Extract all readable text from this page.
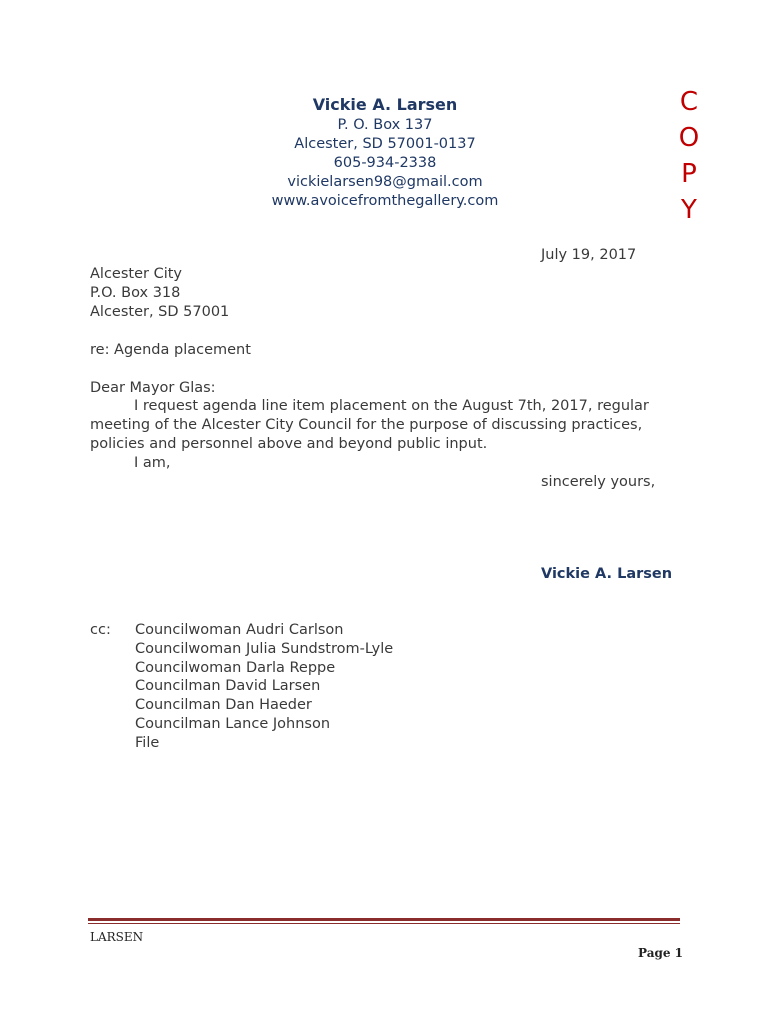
Vickie A. Larsen
P. O. Box 137
Alcester, SD 57001-0137
605-934-2338
vickielarsen98@gmail.com
www.avoicefromthegallery.com
C
O
P
Y
July 19, 2017
Alcester City
P.O. Box 318
Alcester, SD 57001
re: Agenda placement
Dear Mayor Glas:
I request agenda line item placement on the August 7th, 2017, regular meeting of the Alcester City Council for the purpose of discussing practices, policies and personnel above and beyond public input.
I am,
sincerely yours,
Vickie A. Larsen
cc: Councilwoman Audri Carlson
Councilwoman Julia Sundstrom-Lyle
Councilwoman Darla Reppe
Councilman David Larsen
Councilman Dan Haeder
Councilman Lance Johnson
File
LARSEN
Page 1
